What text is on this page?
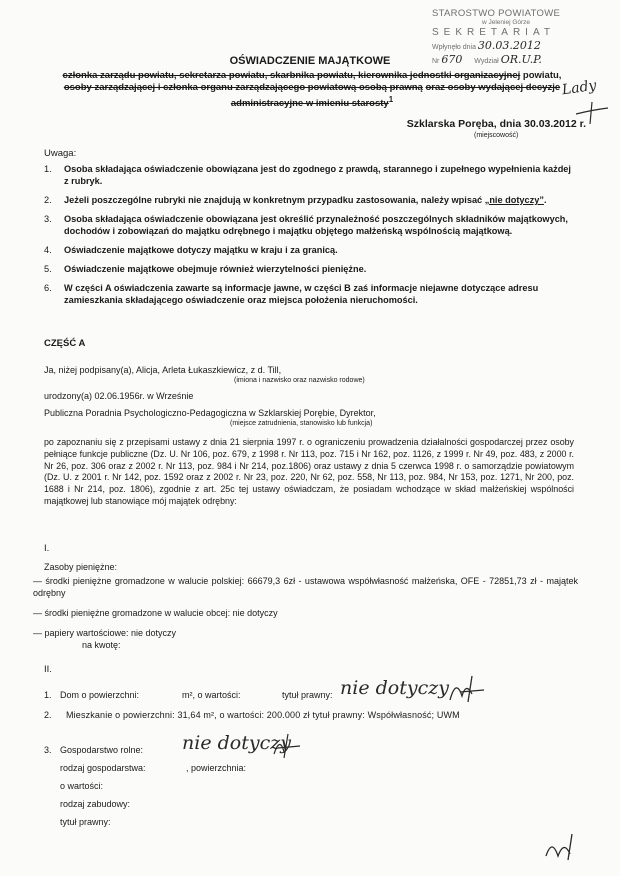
STAROSTWO POWIATOWE
w Jeleniej Górze
SEKRETARIAT
Wpłynęło dnia 30.03.2012
Nr 670 Wydział OR.U.P.
Lady
OŚWIADCZENIE MAJĄTKOWE
członka zarządu powiatu, sekretarza powiatu, skarbnika powiatu, kierownika jednostki organizacyjnej powiatu, osoby zarządzającej i członka organu zarządzającego powiatową osobą prawną oraz osoby wydającej decyzje administracyjne w imieniu starosty$^1$
Szklarska Poręba, dnia 30.03.2012 r.
(miejscowość)
Uwaga:
1. Osoba składająca oświadczenie obowiązana jest do zgodnego z prawdą, starannego i zupełnego wypełnienia każdej z rubryk.
2. Jeżeli poszczególne rubryki nie znajdują w konkretnym przypadku zastosowania, należy wpisać „nie dotyczy”.
3. Osoba składająca oświadczenie obowiązana jest określić przynależność poszczególnych składników majątkowych, dochodów i zobowiązań do majątku odrębnego i majątku objętego małżeńską wspólnością majątkową.
4. Oświadczenie majątkowe dotyczy majątku w kraju i za granicą.
5. Oświadczenie majątkowe obejmuje również wierzytelności pieniężne.
6. W części A oświadczenia zawarte są informacje jawne, w części B zaś informacje niejawne dotyczące adresu zamieszkania składającego oświadczenie oraz miejsca położenia nieruchomości.
CZĘŚĆ A
Ja, niżej podpisany(a), Alicja, Arleta Łukaszkiewicz, z d. Till,
(imiona i nazwisko oraz nazwisko rodowe)
urodzony(a) 02.06.1956r. w Wrześnie
Publiczna Poradnia Psychologiczno-Pedagogiczna w Szklarskiej Porębie, Dyrektor,
(miejsce zatrudnienia, stanowisko lub funkcja)
po zapoznaniu się z przepisami ustawy z dnia 21 sierpnia 1997 r. o ograniczeniu prowadzenia działalności gospodarczej przez osoby pełniące funkcje publiczne (Dz. U. Nr 106, poz. 679, z 1998 r. Nr 113, poz. 715 i Nr 162, poz. 1126, z 1999 r. Nr 49, poz. 483, z 2000 r. Nr 26, poz. 306 oraz z 2002 r. Nr 113, poz. 984 i Nr 214, poz.1806) oraz ustawy z dnia 5 czerwca 1998 r. o samorządzie powiatowym (Dz. U. z 2001 r. Nr 142, poz. 1592 oraz z 2002 r. Nr 23, poz. 220, Nr 62, poz. 558, Nr 113, poz. 984, Nr 153, poz. 1271, Nr 200, poz. 1688 i Nr 214, poz. 1806), zgodnie z art. 25c tej ustawy oświadczam, że posiadam wchodzące w skład małżeńskiej wspólności majątkowej lub stanowiące mój majątek odrębny:
I.
Zasoby pieniężne:
— środki pieniężne gromadzone w walucie polskiej: 66679,3 6zł - ustawowa współwłasność małżeńska, OFE - 72851,73 zł - majątek odrębny
— środki pieniężne gromadzone w walucie obcej: nie dotyczy
— papiery wartościowe: nie dotyczy
na kwotę:
II.
1. Dom o powierzchni:	m², o wartości:	tytuł prawny: nie dotyczy
2. Mieszkanie o powierzchni: 31,64 m², o wartości: 200.000 zł tytuł prawny: Współwłasność; UWM
3. Gospodarstwo rolne: nie dotyczy
rodzaj gospodarstwa:	, powierzchnia:
o wartości:
rodzaj zabudowy:
tytuł prawny:
